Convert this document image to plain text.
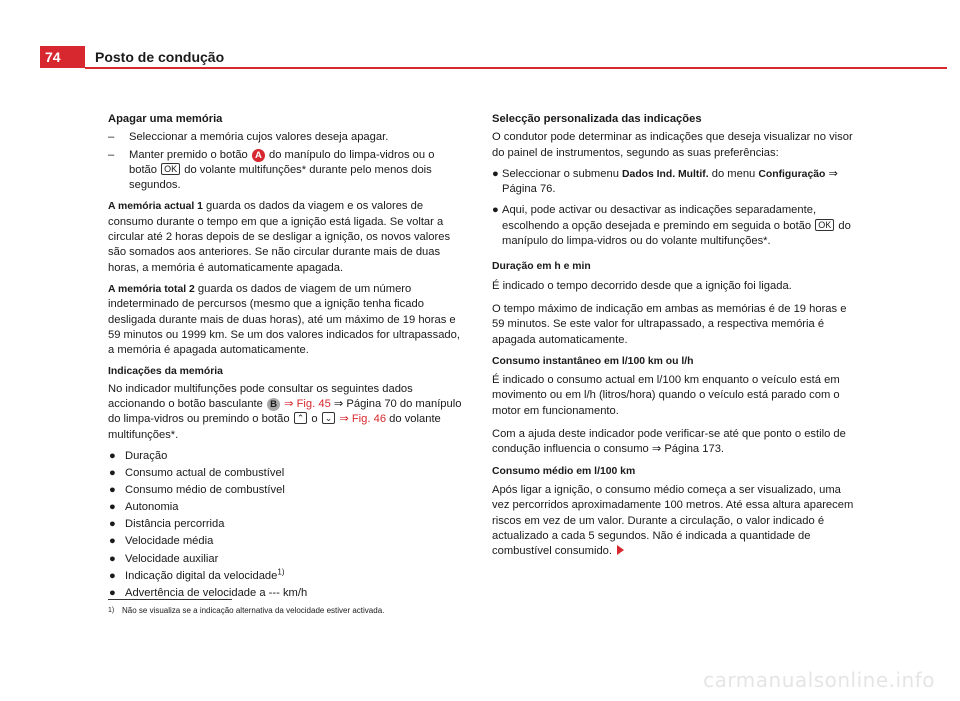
74	Posto de condução

Apagar uma memória

– Seleccionar a memória cujos valores deseja apagar.
– Manter premido o botão A do manípulo do limpa-vidros ou o botão OK do volante multifunções* durante pelo menos dois segundos.

A memória actual 1 guarda os dados da viagem e os valores de consumo durante o tempo em que a ignição está ligada. Se voltar a circular até 2 horas depois de se desligar a ignição, os novos valores são somados aos anteriores. Se não circular durante mais de duas horas, a memória é automaticamente apagada.

A memória total 2 guarda os dados de viagem de um número indeterminado de percursos (mesmo que a ignição tenha ficado desligada durante mais de duas horas), até um máximo de 19 horas e 59 minutos ou 1999 km. Se um dos valores indicados for ultrapassado, a memória é apagada automaticamente.

Indicações da memória

No indicador multifunções pode consultar os seguintes dados accionando o botão basculante B ⇒ Fig. 45 ⇒ Página 70 do manípulo do limpa-vidros ou premindo o botão ⌃ o ⌄ ⇒ Fig. 46 do volante multifunções*.

● Duração
● Consumo actual de combustível
● Consumo médio de combustível
● Autonomia
● Distância percorrida
● Velocidade média
● Velocidade auxiliar
● Indicação digital da velocidade$^{1)}$
● Advertência de velocidade a --- km/h

Selecção personalizada das indicações

O condutor pode determinar as indicações que deseja visualizar no visor do painel de instrumentos, segundo as suas preferências:

● Seleccionar o submenu Dados Ind. Multif. do menu Configuração ⇒ Página 76.

● Aqui, pode activar ou desactivar as indicações separadamente, escolhendo a opção desejada e premindo em seguida o botão OK do manípulo do limpa-vidros ou do volante multifunções*.

Duração em h e min

É indicado o tempo decorrido desde que a ignição foi ligada.

O tempo máximo de indicação em ambas as memórias é de 19 horas e 59 minutos. Se este valor for ultrapassado, a respectiva memória é apagada automaticamente.

Consumo instantâneo em l/100 km ou l/h

É indicado o consumo actual em l/100 km enquanto o veículo está em movimento ou em l/h (litros/hora) quando o veículo está parado com o motor em funcionamento.

Com a ajuda deste indicador pode verificar-se até que ponto o estilo de condução influencia o consumo ⇒ Página 173.

Consumo médio em l/100 km

Após ligar a ignição, o consumo médio começa a ser visualizado, uma vez percorridos aproximadamente 100 metros. Até essa altura aparecem riscos em vez de um valor. Durante a circulação, o valor indicado é actualizado a cada 5 segundos. Não é indicada a quantidade de combustível consumido.

1) Não se visualiza se a indicação alternativa da velocidade estiver activada.
carmanualsonline.info
